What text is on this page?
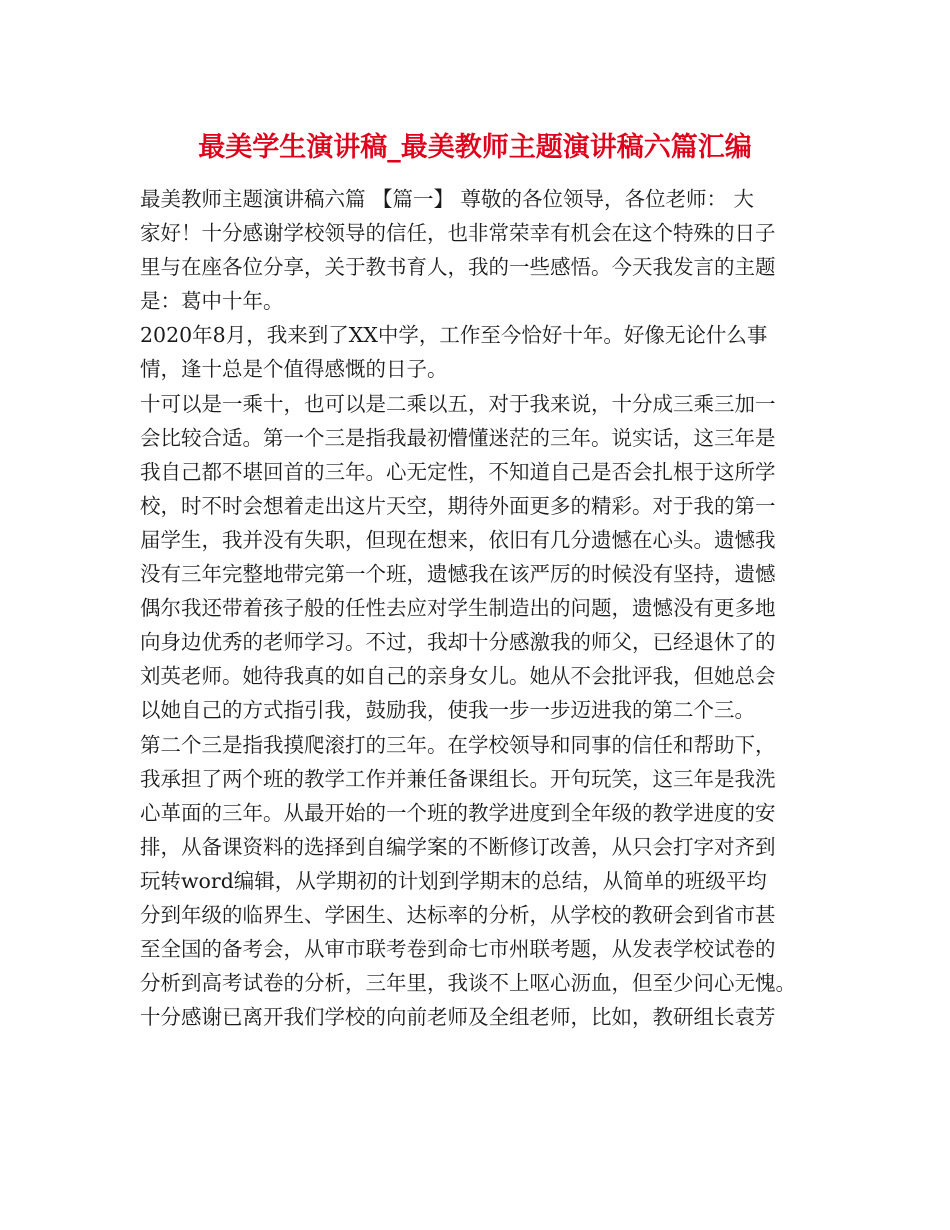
最美学生演讲稿_最美教师主题演讲稿六篇汇编
最美教师主题演讲稿六篇 【篇一】 尊敬的各位领导，各位老师： 大
家好！十分感谢学校领导的信任，也非常荣幸有机会在这个特殊的日子
里与在座各位分享，关于教书育人，我的一些感悟。今天我发言的主题
是：葛中十年。
2020年8月，我来到了XX中学，工作至今恰好十年。好像无论什么事
情，逢十总是个值得感慨的日子。
十可以是一乘十，也可以是二乘以五，对于我来说，十分成三乘三加一
会比较合适。第一个三是指我最初懵懂迷茫的三年。说实话，这三年是
我自己都不堪回首的三年。心无定性，不知道自己是否会扎根于这所学
校，时不时会想着走出这片天空，期待外面更多的精彩。对于我的第一
届学生，我并没有失职，但现在想来，依旧有几分遗憾在心头。遗憾我
没有三年完整地带完第一个班，遗憾我在该严厉的时候没有坚持，遗憾
偶尔我还带着孩子般的任性去应对学生制造出的问题，遗憾没有更多地
向身边优秀的老师学习。不过，我却十分感激我的师父，已经退休了的
刘英老师。她待我真的如自己的亲身女儿。她从不会批评我，但她总会
以她自己的方式指引我，鼓励我，使我一步一步迈进我的第二个三。
第二个三是指我摸爬滚打的三年。在学校领导和同事的信任和帮助下，
我承担了两个班的教学工作并兼任备课组长。开句玩笑，这三年是我洗
心革面的三年。从最开始的一个班的教学进度到全年级的教学进度的安
排，从备课资料的选择到自编学案的不断修订改善，从只会打字对齐到
玩转word编辑，从学期初的计划到学期末的总结，从简单的班级平均
分到年级的临界生、学困生、达标率的分析，从学校的教研会到省市甚
至全国的备考会，从审市联考卷到命七市州联考题，从发表学校试卷的
分析到高考试卷的分析，三年里，我谈不上呕心沥血，但至少问心无愧。
十分感谢已离开我们学校的向前老师及全组老师，比如，教研组长袁芳
